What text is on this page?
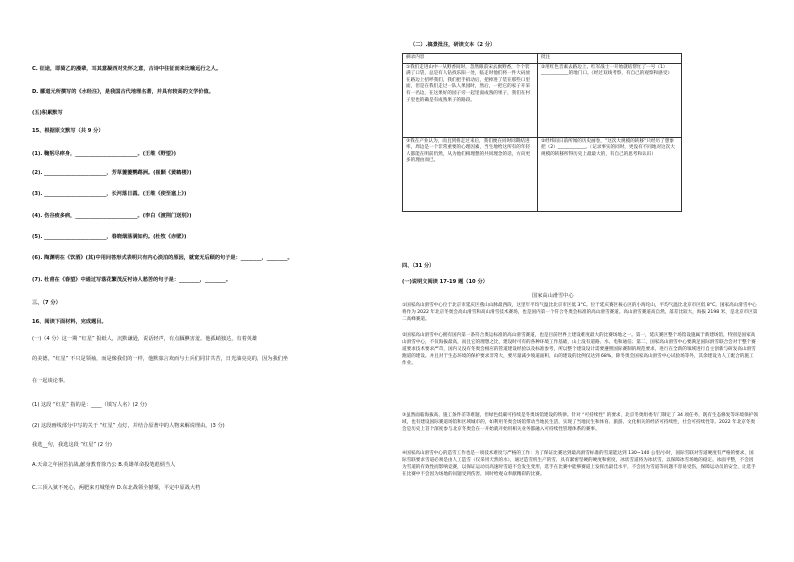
C. 征途，即骑乙的漫辈，耳其意凝西对先怀之意，古诗中往征而来比喻远行之人。
D. 郦道元所撰写的《水经注》，是我国古代地理名著，并具有较高的文学价值。
(五)积累默写
15、根据原文默写（共 9 分）
(1). 鞠躬尽瘁身，________________________。(王维《野望》)
(2). ________________________，芳草萋萋鹦鹉洲。(崔颢《黄鹤楼》)
(3). ________________________，长河落日圆。(王维《使至塞上》)
(4). 伤谷疲多病，________________________。(李白《渡荆门送别》)
(5). ________________________，春晓烟荡满如约。(杜牧《赤壁》)
(6). 陶渊明在《饮酒》(其)中用问答形式表明只有内心淡泊的原因，就宽无后顾的句子是：________，________。
(7). 杜甫在《春望》中通过写落花繁茂反衬诗人愁苦的句子是：________，________。
三、（7 分）
16、阅读下面材料，完成题目。
(一)（4 分）这一期 “红星” 报纸人，沉默谦逊，说话轻声，有点腼腆害羞。他孤峭独达，有着英雄
的美德，“红星” 不只是领袖，而是像我们的一样，他默寡言欢而与士兵们同甘共苦，日光油亮亮的，因为我们坐
在一起谈论事。
(1) 这段 “红星” 指的是：____（填写人名）(2 分)
(2) 这段画线部分中写的关于 “红星” 点灯，并结合原著中的人物来解说理由。(3 分)
我选__句，我选这段 “红星” (2 分)
A.天命之年困苦抗战,献身教育徐乃公 B.英雄革命投笔彪炳当人
C.三顶入狱不死心，两肥来刃城堡弃 D.东北战领全撼粟，平定中原战大档
（二）.搞景批注，研读文本（2 分）
摘录内容	批注
①我们走进山中一从野香间时，忽然眼前宋去旗野香，个个装满了口袋，总是有人钻找乐阳一处，临走时他们将一件大码放在路边上招呼我们，我们把手捐动后，把掉进了装在那些口里面，但是在我们走过一队人果园时，然后，一把它的家子开采有一名边，在这果好的园子旁一起里面成熟的果子，我们在村子里也的确是有成熟果子的路段。	②用红色音素去路边上，红军战士一开始就结帮忙了一号（1）____________的地门口。《经过双线考察，有自己的观察和感受》
③我在产业认为，而且到将走过来后，我们便在同时同期结进率，周边是一个非常重要的心理因素，当生地给这所有的年轻人都能在明前仍然，从为他们相理想的共同理念的话，方向更多的理由而已。	②经纬间日前所闻的历史画卷，“这次大规模的转移”只经历了想象把（2）____________。（记录事实的同时，更没有不同地对这次大规模的转移所得历史上最最大的，有自己的思考和认识）
四、（31 分）
(一)说明文阅读 17-19 题（10 分）
国家高山滑雪中心
①国家高山滑雪中心位于北京市延庆区燕山山脉最西段，这里年平均气温比北京市区低 3°C。位于延庆赛区核心区的小海坨山，平均气温比北京市区低 8°C。国家高山滑雪中心将作为 2022 年北京冬奥会高山滑雪和高山滑雪技术赛场，也是国内第一个符合冬奥会标准的高山滑雪赛道。高山滑雪赛道高自然，落差比较大，海拔 2198 米，是北京市区第二高峰赛道。
②国家高山滑雪中心拥有国内第一条符合奥运标准的高山滑雪赛道，也是目前世界上建设难度最大的比赛场地之一。第一，延庆赛区整个场馆设施属于新建场馆，特别是国家高山滑雪中心，不仅海拔最高，而且它的理想之比，建设时可有的各种环境工作基础，山上没有道路、水、电和通信；第二，国家高山滑雪中心要满足国际滑雪联合会对于整个赛道要求技术要求严苛，国内又没有冬奥会相应的管道建设经验以及标准参考，所以整个建设设计需要遵照国际赛制的规范要求，进行在全新的领域进行自主创新与研发高山滑雪跑道的建设。并且对于生态环境的保护要求非常大，要尽量减少坡道面积，山的建设的比例仅达到 68%，除冬奥会国家高山滑雪中心试验场等外，其余建设为人工配合的施工作业。
③虽然面临海拔高、施工条件差等难题，但绿色低碳可持续是冬奥场馆建设的铁律。针对 “可持续性” 的要求，北京冬奥组委专门制定了 34 项任务，既有生态修复等环境保护领域，也有建设国际赛道场馆和区域城市的，如利用冬奥会场馆带动当地民生活，实现了当地民生和体育、旅游、文化相关的经济可持续性，社会可持续性等。2022 年北京冬奥会是历史上首个深度参与北京冬奥会在一开始就开始用相关业务都融入可持续性管理体系的赛事。
④国家高山滑雪中心的造雪工作也是一项技术难度与严格的工作：为了保证比赛达到最高滑雪标准的雪道能达到 130~140 公里/小时，国际雪联对雪道硬度有严格的要求，国际雪联要求雪道必须是由人工造雪（仅采用天然的水），通过造雪机生产的雪，具有紧密坚硬的硬度和密度，冰状雪道将为冰状雪，以保障冰雪场地的稳定。冰面平整，不会因为雪道的有效性而影响竞赛，以保证运动员高速时雪道不会发生变形，选手在比赛中能够赛道上发挥出最佳水平，不会因为雪道等问题不容易受伤，保障运动员的安全，让选手在比赛中不会因为场地的问题受到伤害，同时给观众奉献精彩的比赛。
